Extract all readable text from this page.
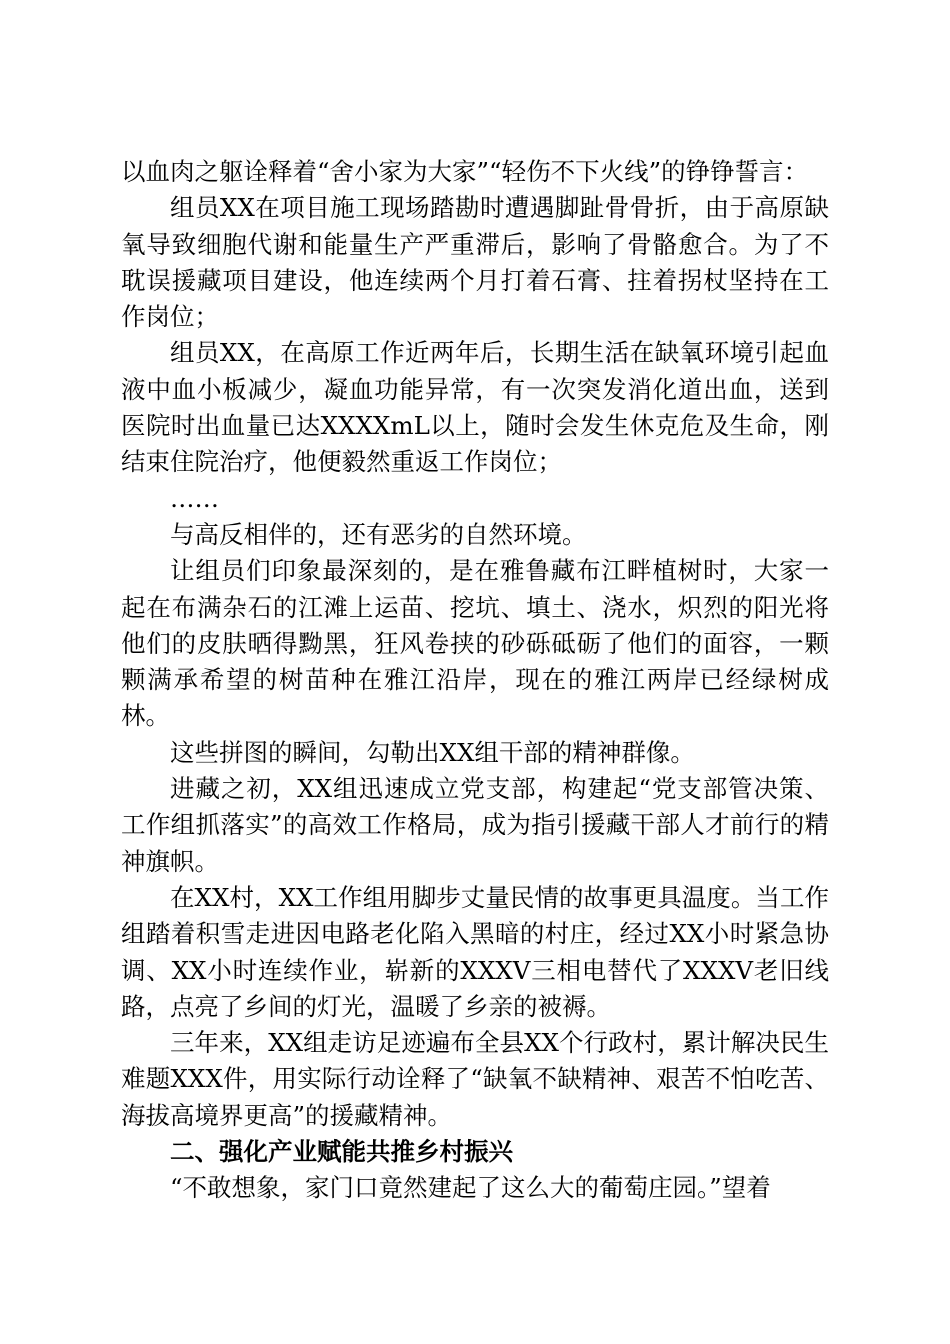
以血肉之躯诠释着“舍小家为大家”“轻伤不下火线”的铮铮誓言：

组员XX在项目施工现场踏勘时遭遇脚趾骨骨折，由于高原缺氧导致细胞代谢和能量生产严重滞后，影响了骨骼愈合。为了不耽误援藏项目建设，他连续两个月打着石膏、拄着拐杖坚持在工作岗位；

组员XX，在高原工作近两年后，长期生活在缺氧环境引起血液中血小板减少，凝血功能异常，有一次突发消化道出血，送到医院时出血量已达XXXXmL以上，随时会发生休克危及生命，刚结束住院治疗，他便毅然重返工作岗位；

……

与高反相伴的，还有恶劣的自然环境。

让组员们印象最深刻的，是在雅鲁藏布江畔植树时，大家一起在布满杂石的江滩上运苗、挖坑、填土、浇水，炽烈的阳光将他们的皮肤晒得黝黑，狂风卷挟的砂砾砥砺了他们的面容，一颗颗满承希望的树苗种在雅江沿岸，现在的雅江两岸已经绿树成林。

这些拼图的瞬间，勾勒出XX组干部的精神群像。

进藏之初，XX组迅速成立党支部，构建起“党支部管决策、工作组抓落实”的高效工作格局，成为指引援藏干部人才前行的精神旗帜。

在XX村，XX工作组用脚步丈量民情的故事更具温度。当工作组踏着积雪走进因电路老化陷入黑暗的村庄，经过XX小时紧急协调、XX小时连续作业，崭新的XXXV三相电替代了XXXV老旧线路，点亮了乡间的灯光，温暖了乡亲的被褥。

三年来，XX组走访足迹遍布全县XX个行政村，累计解决民生难题XXX件，用实际行动诠释了“缺氧不缺精神、艰苦不怕吃苦、海拔高境界更高”的援藏精神。

二、强化产业赋能共推乡村振兴

“不敢想象，家门口竟然建起了这么大的葡萄庄园。”望着
